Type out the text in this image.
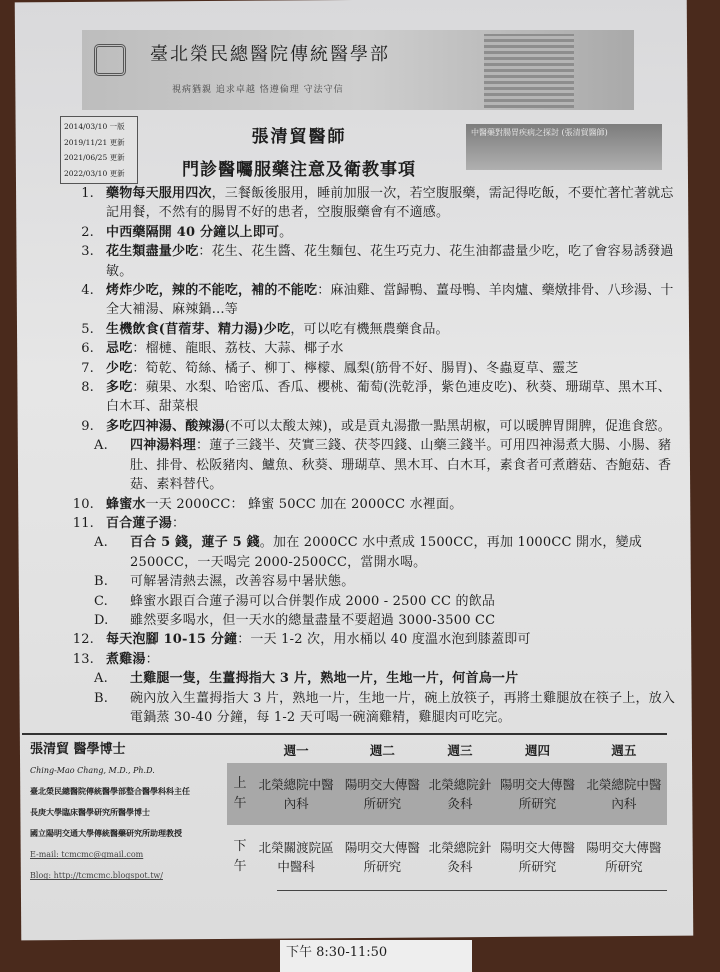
臺北榮民總醫院傳統醫學部
視病猶親 追求卓越 恪遵倫理 守法守信
2014/03/10 一版
2019/11/21 更新
2021/06/25 更新
2022/03/10 更新
張清貿醫師
門診醫囑服藥注意及衛教事項
中醫藥對腸胃疾病之探討 (張清貿醫師)
1. 藥物每天服用四次，三餐飯後服用，睡前加服一次，若空腹服藥，需記得吃飯，不要忙著忙著就忘記用餐，不然有的腸胃不好的患者，空腹服藥會有不適感。
2. 中西藥隔開 40 分鐘以上即可。
3. 花生類盡量少吃：花生、花生醬、花生麵包、花生巧克力、花生油都盡量少吃，吃了會容易誘發過敏。
4. 烤炸少吃，辣的不能吃，補的不能吃：麻油雞、當歸鴨、薑母鴨、羊肉爐、藥燉排骨、八珍湯、十全大補湯、麻辣鍋…等
5. 生機飲食(苜蓿芽、精力湯)少吃，可以吃有機無農藥食品。
6. 忌吃：榴槤、龍眼、荔枝、大蒜、椰子水
7. 少吃：筍乾、筍絲、橘子、柳丁、檸檬、鳳梨(筋骨不好、腸胃)、冬蟲夏草、靈芝
8. 多吃：蘋果、水梨、哈密瓜、香瓜、櫻桃、葡萄(洗乾淨，紫色連皮吃)、秋葵、珊瑚草、黑木耳、白木耳、甜菜根
9. 多吃四神湯、酸辣湯(不可以太酸太辣)，或是貢丸湯撒一點黑胡椒，可以暖脾胃開脾，促進食慾。
A.	四神湯料理：蓮子三錢半、芡實三錢、茯苓四錢、山藥三錢半。可用四神湯煮大腸、小腸、豬肚、排骨、松阪豬肉、鱸魚、秋葵、珊瑚草、黑木耳、白木耳，素食者可煮蘑菇、杏鮑菇、香菇、素料替代。
10. 蜂蜜水一天 2000CC： 蜂蜜 50CC 加在 2000CC 水裡面。
11. 百合蓮子湯：
A.	百合 5 錢，蓮子 5 錢。加在 2000CC 水中煮成 1500CC，再加 1000CC 開水，變成 2500CC，一天喝完 2000-2500CC，當開水喝。
B.	可解暑清熱去濕，改善容易中暑狀態。
C.	蜂蜜水跟百合蓮子湯可以合併製作成 2000 - 2500 CC 的飲品
D.	雖然要多喝水，但一天水的總量盡量不要超過 3000-3500 CC
12. 每天泡腳 10-15 分鐘：一天 1-2 次，用水桶以 40 度溫水泡到膝蓋即可
13. 煮雞湯：
A.	土雞腿一隻，生薑拇指大 3 片，熟地一片，生地一片，何首烏一片
B.	碗內放入生薑拇指大 3 片，熟地一片，生地一片，碗上放筷子，再將土雞腿放在筷子上，放入電鍋蒸 30-40 分鐘，每 1-2 天可喝一碗滴雞精，雞腿肉可吃完。
張清貿 醫學博士
Ching-Mao Chang, M.D., Ph.D.
臺北榮民總醫院傳統醫學部整合醫學科科主任
長庚大學臨床醫學研究所醫學博士
國立陽明交通大學傳統醫藥研究所助理教授
E-mail: tcmcmc@gmail.com
Blog: http://tcmcmc.blogspot.tw/
	週一	週二	週三	週四	週五
上
午	北榮總院中醫內科	陽明交大傳醫所研究	北榮總院針灸科	陽明交大傳醫所研究	北榮總院中醫內科
下
午	北榮關渡院區中醫科	陽明交大傳醫所研究	北榮總院針灸科	陽明交大傳醫所研究	陽明交大傳醫所研究
下午 8:30-11:50
